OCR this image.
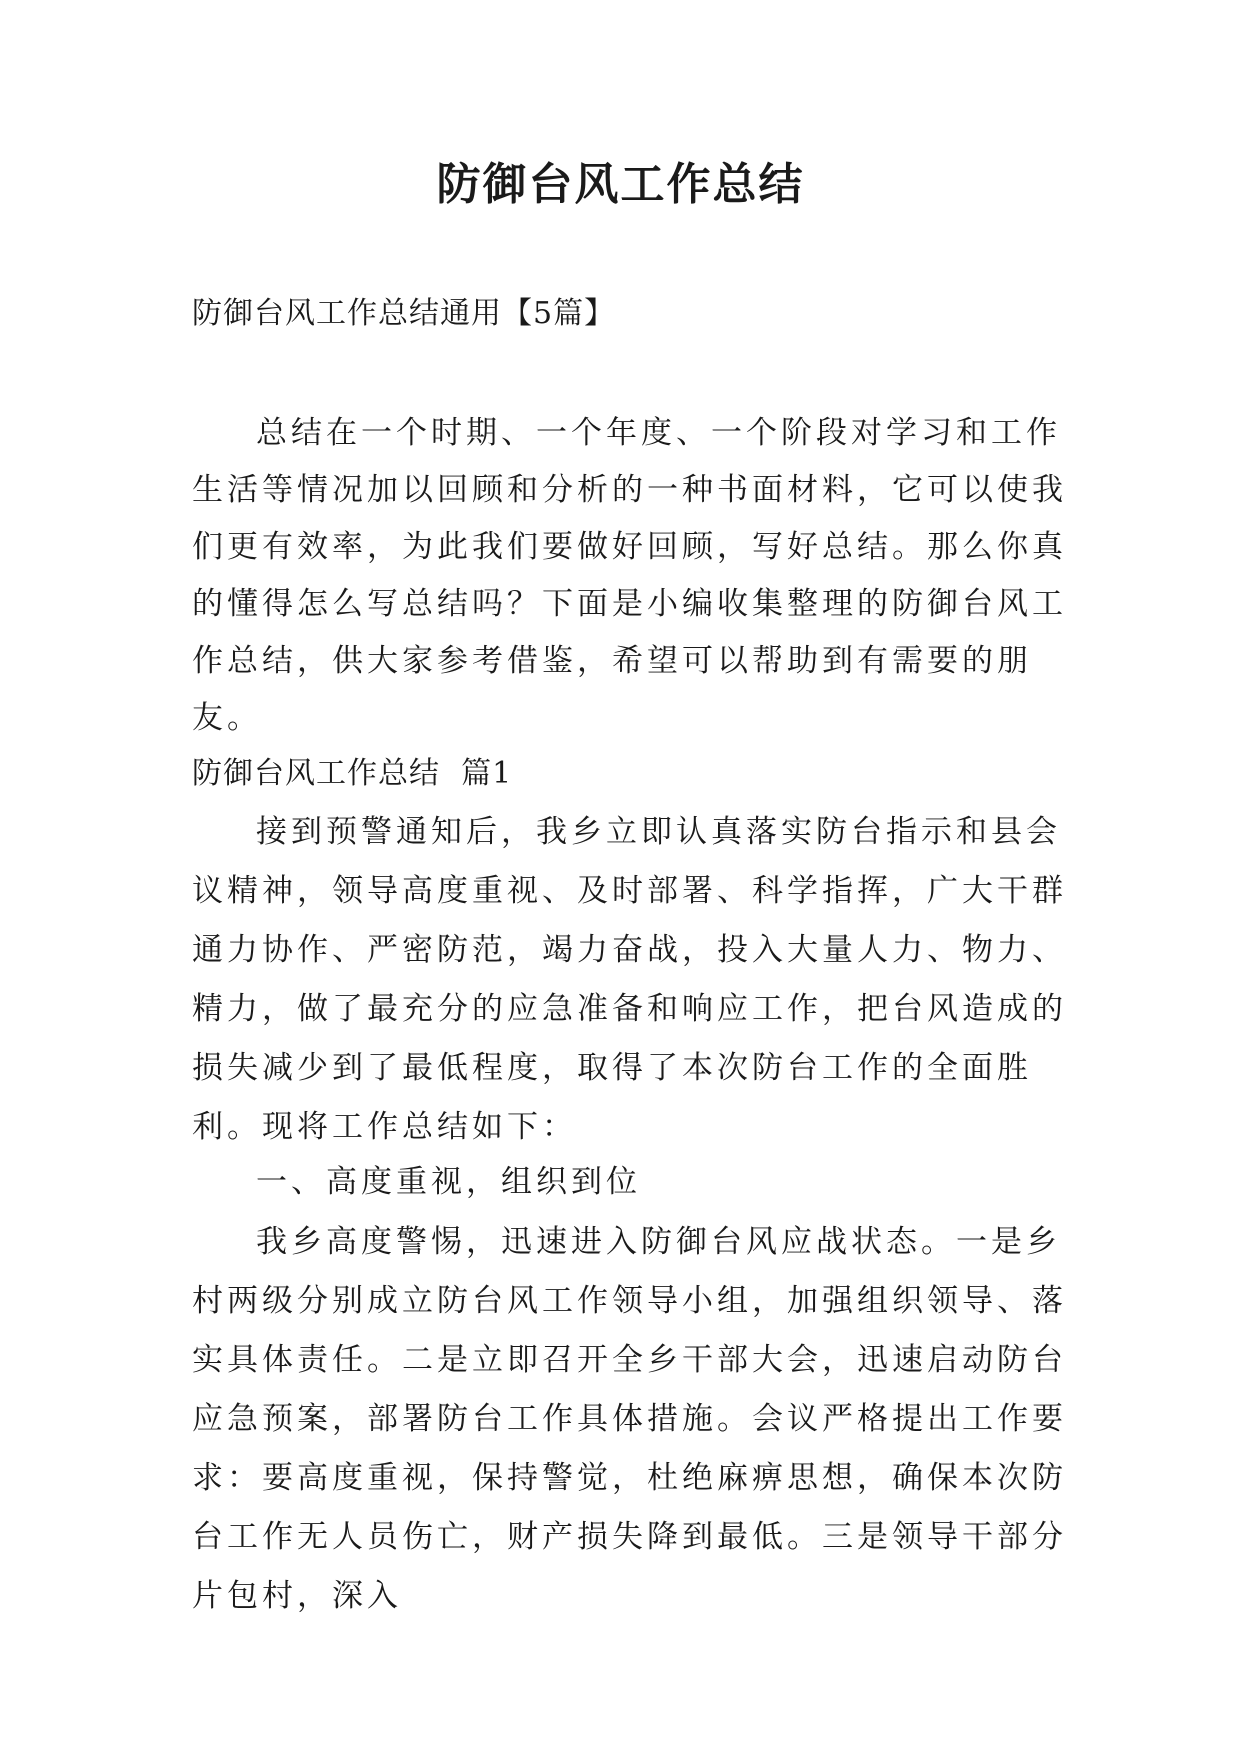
防御台风工作总结
防御台风工作总结通用【5篇】

总结在一个时期、一个年度、一个阶段对学习和工作生活等情况加以回顾和分析的一种书面材料，它可以使我们更有效率，为此我们要做好回顾，写好总结。那么你真的懂得怎么写总结吗？下面是小编收集整理的防御台风工作总结，供大家参考借鉴，希望可以帮助到有需要的朋友。

防御台风工作总结  篇1

接到预警通知后，我乡立即认真落实防台指示和县会议精神，领导高度重视、及时部署、科学指挥，广大干群通力协作、严密防范，竭力奋战，投入大量人力、物力、精力，做了最充分的应急准备和响应工作，把台风造成的损失减少到了最低程度，取得了本次防台工作的全面胜利。现将工作总结如下：

一、高度重视，组织到位

我乡高度警惕，迅速进入防御台风应战状态。一是乡村两级分别成立防台风工作领导小组，加强组织领导、落实具体责任。二是立即召开全乡干部大会，迅速启动防台应急预案，部署防台工作具体措施。会议严格提出工作要求：要高度重视，保持警觉，杜绝麻痹思想，确保本次防台工作无人员伤亡，财产损失降到最低。三是领导干部分片包村，深入
